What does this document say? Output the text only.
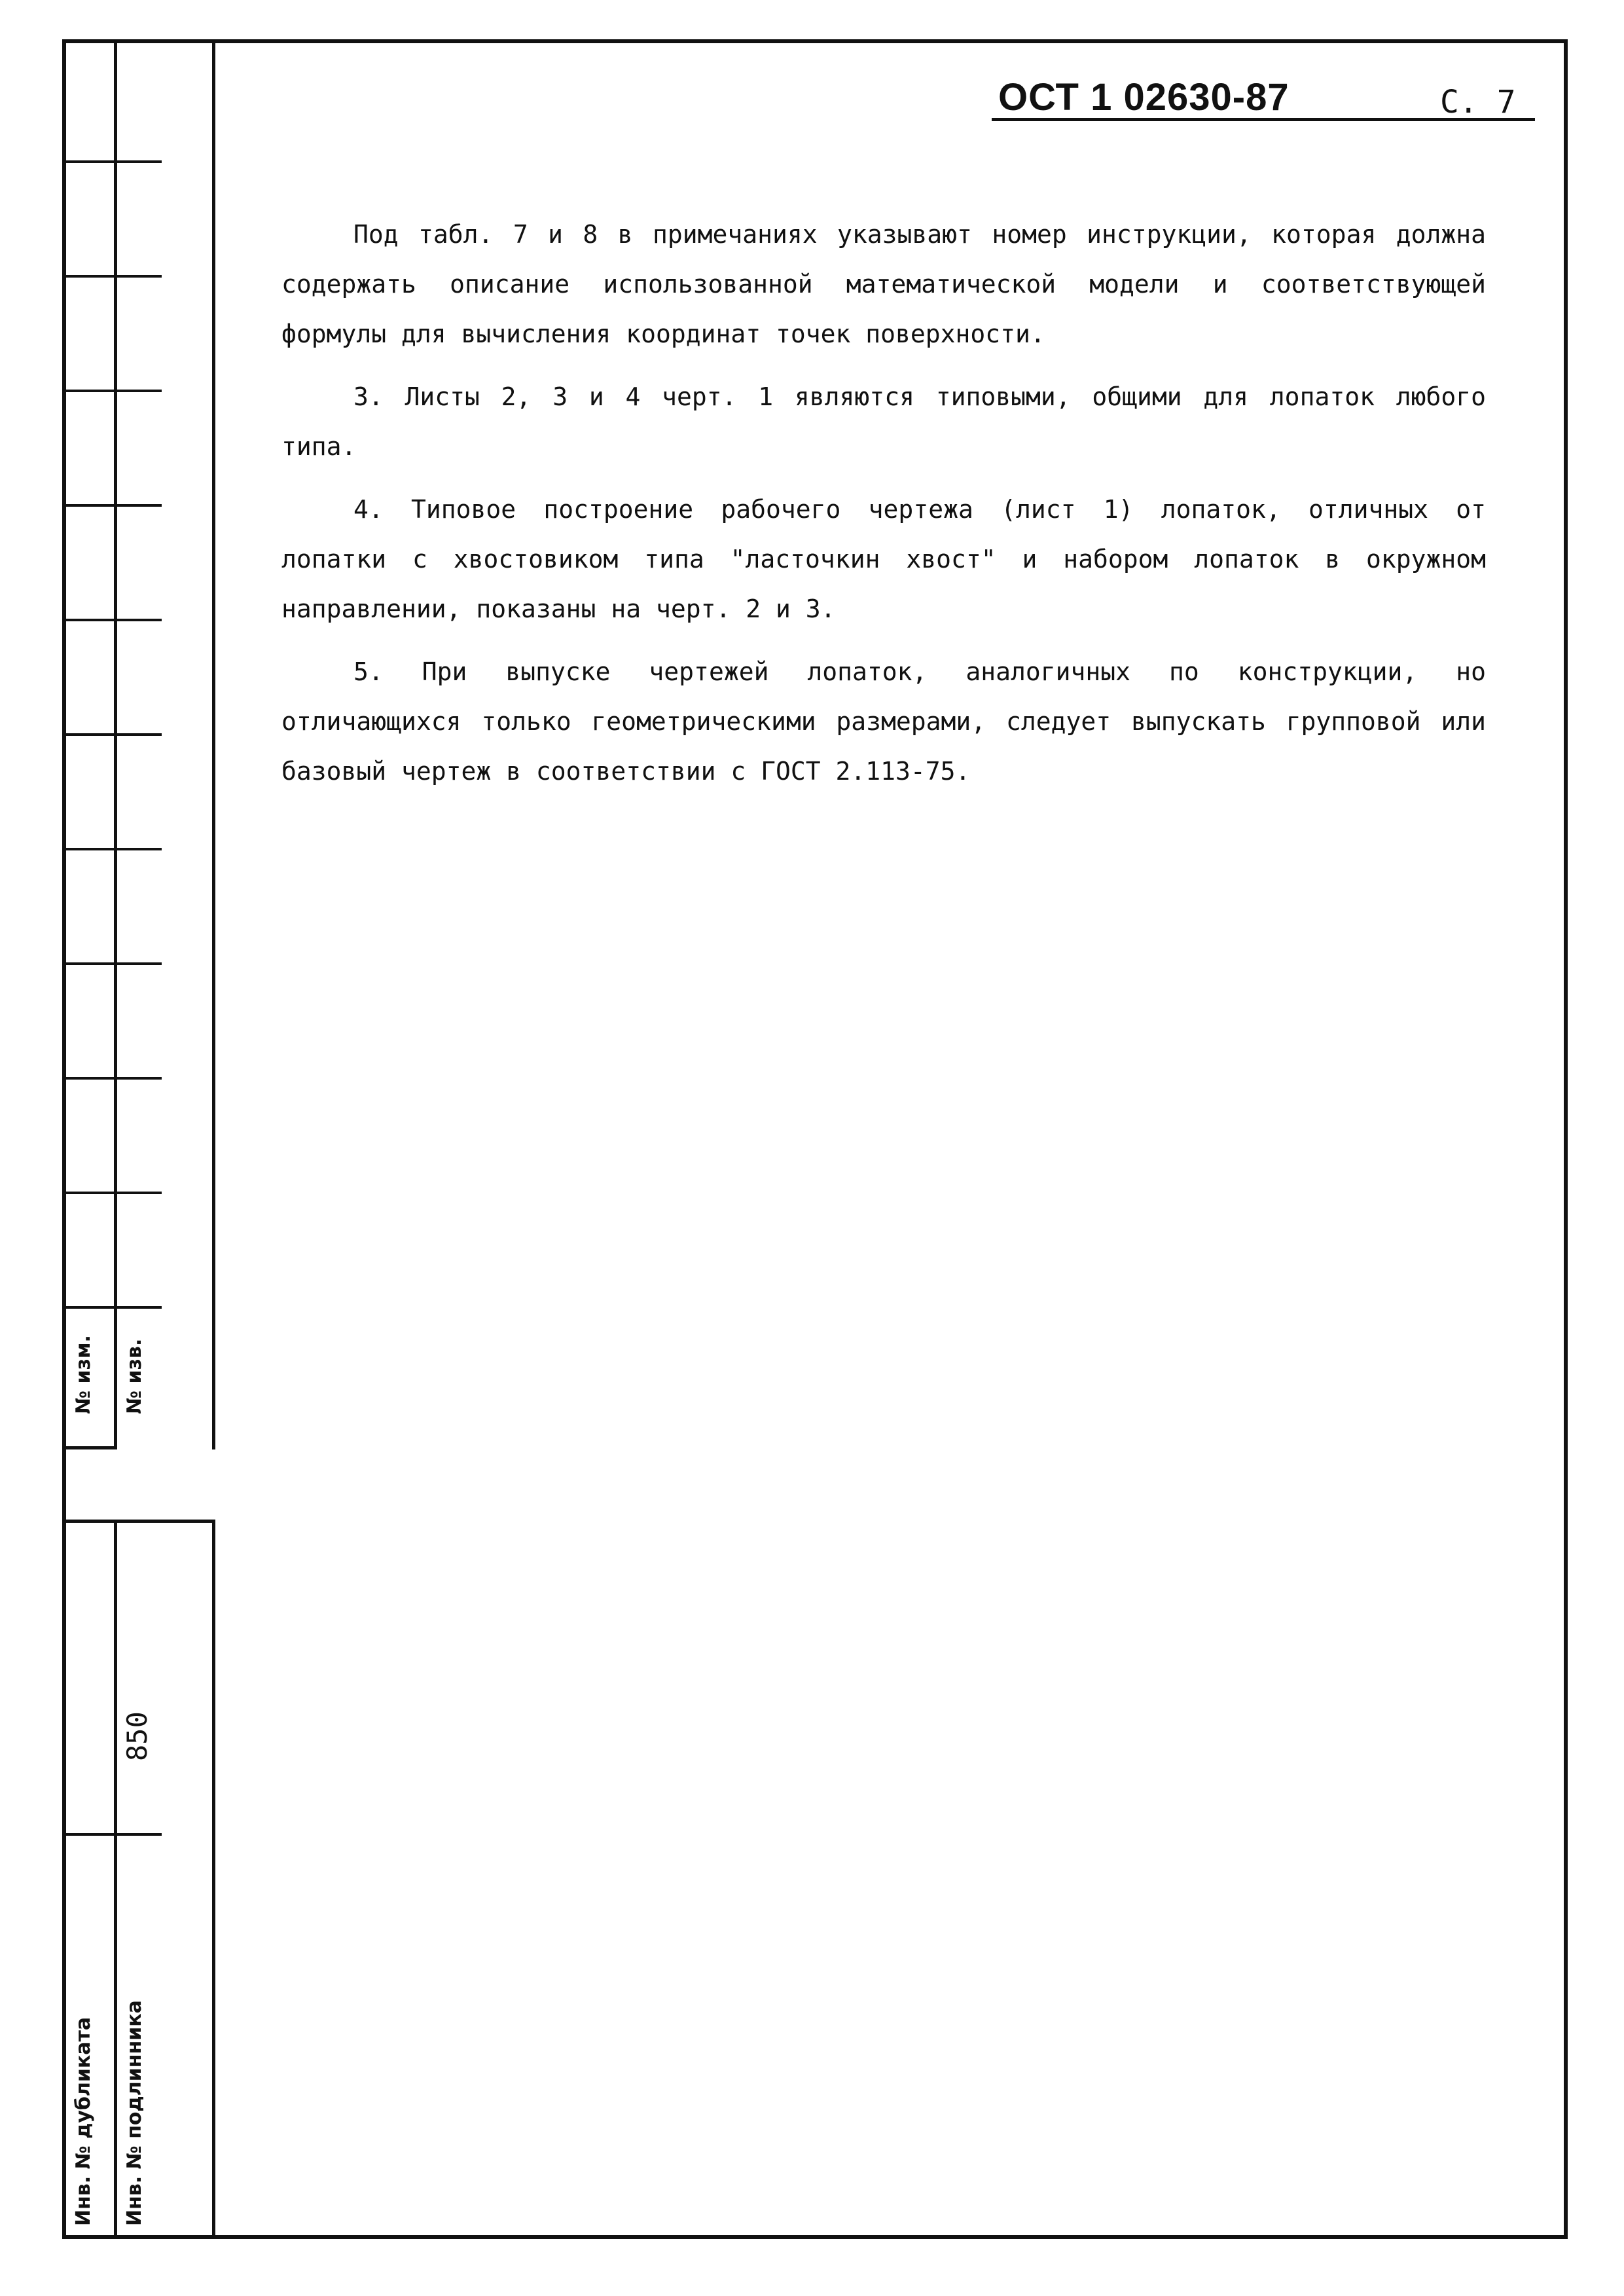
№ изм. № изв.
Инв. № дубликата Инв. № подлинника
850
ОСТ 1 02630-87	С. 7

Под табл. 7 и 8 в примечаниях указывают номер инструкции, которая должна содержать описание использованной математической модели и соответствующей формулы для вычисления координат точек поверхности.

3. Листы 2, 3 и 4 черт. 1 являются типовыми, общими для лопаток любого типа.

4. Типовое построение рабочего чертежа (лист 1) лопаток, отличных от лопатки с хвостовиком типа "ласточкин хвост" и набором лопаток в окружном направлении, показаны на черт. 2 и 3.

5. При выпуске чертежей лопаток, аналогичных по конструкции, но отличающихся только геометрическими размерами, следует выпускать групповой или базовый чертеж в соответствии с ГОСТ 2.113-75.
